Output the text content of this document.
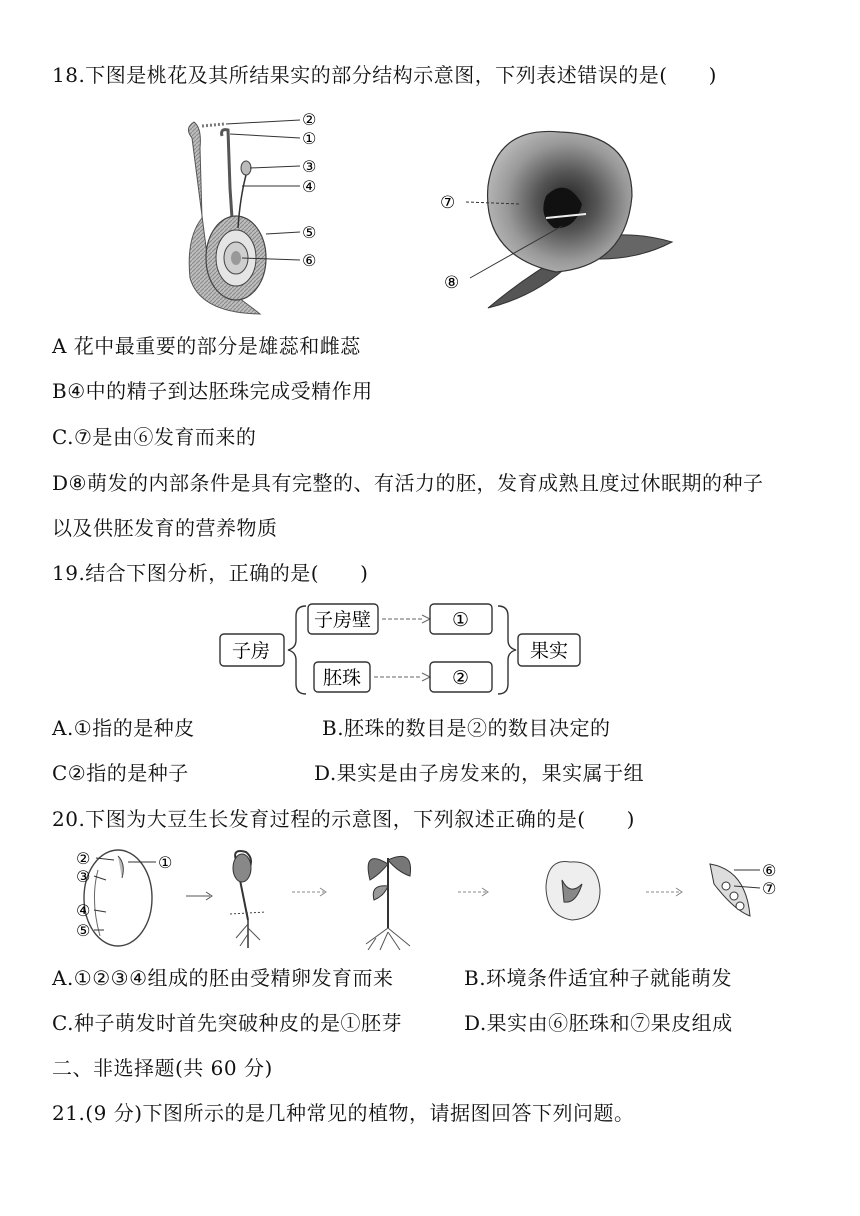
18.下图是桃花及其所结果实的部分结构示意图，下列表述错误的是(　　)
②
①
③
④
⑤
⑥
⑦
⑧
A 花中最重要的部分是雄蕊和雌蕊
B④中的精子到达胚珠完成受精作用
C.⑦是由⑥发育而来的
D⑧萌发的内部条件是具有完整的、有活力的胚，发育成熟且度过休眠期的种子
以及供胚发育的营养物质
19.结合下图分析，正确的是(　　)
子房
子房壁
胚珠
①
②
果实
A.①指的是种皮	B.胚珠的数目是②的数目决定的
C②指的是种子	D.果实是由子房发来的，果实属于组
20.下图为大豆生长发育过程的示意图，下列叙述正确的是(　　)
②
③
④
⑤
①	⑥
⑦
A.①②③④组成的胚由受精卵发育而来	B.环境条件适宜种子就能萌发
C.种子萌发时首先突破种皮的是①胚芽	D.果实由⑥胚珠和⑦果皮组成
二、非选择题(共 60 分)
21.(9 分)下图所示的是几种常见的植物，请据图回答下列问题。
